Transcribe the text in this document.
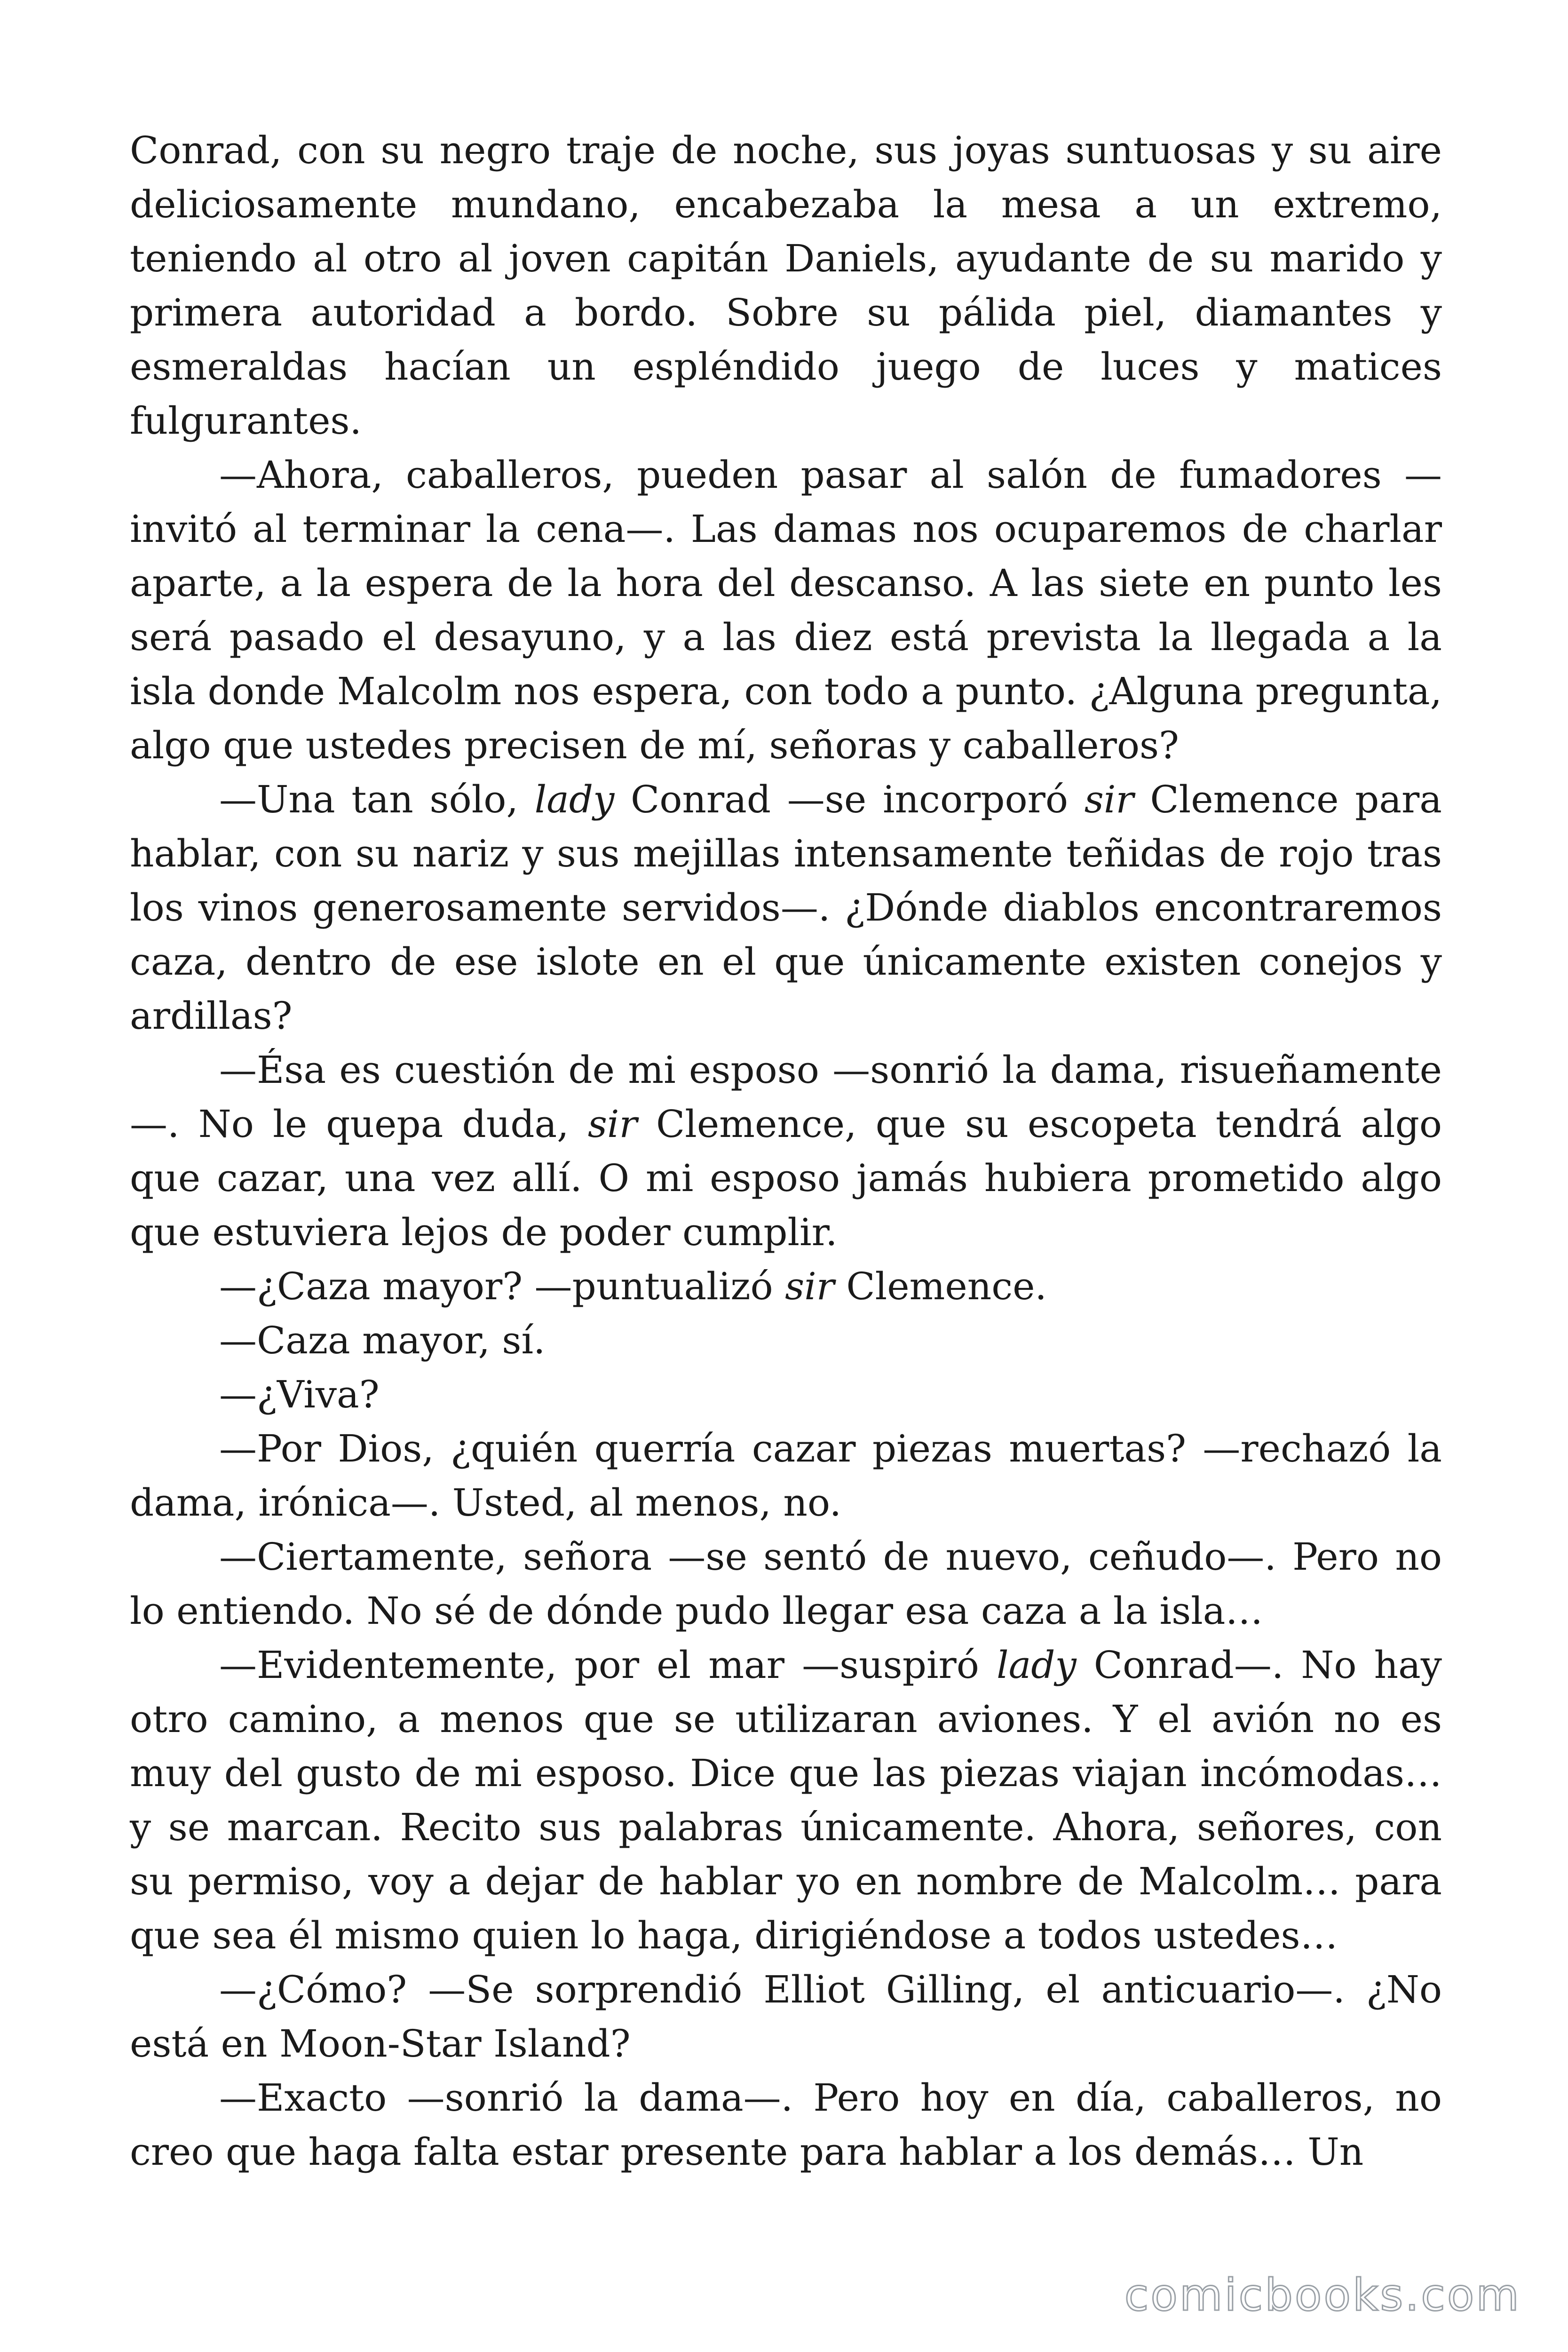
Conrad, con su negro traje de noche, sus joyas suntuosas y su aire deliciosamente mundano, encabezaba la mesa a un extremo, teniendo al otro al joven capitán Daniels, ayudante de su marido y primera autoridad a bordo. Sobre su pálida piel, diamantes y esmeraldas hacían un espléndido juego de luces y matices fulgurantes.

—Ahora, caballeros, pueden pasar al salón de fumadores —invitó al terminar la cena—. Las damas nos ocuparemos de charlar aparte, a la espera de la hora del descanso. A las siete en punto les será pasado el desayuno, y a las diez está prevista la llegada a la isla donde Malcolm nos espera, con todo a punto. ¿Alguna pregunta, algo que ustedes precisen de mí, señoras y caballeros?

—Una tan sólo, lady Conrad —se incorporó sir Clemence para hablar, con su nariz y sus mejillas intensamente teñidas de rojo tras los vinos generosamente servidos—. ¿Dónde diablos encontraremos caza, dentro de ese islote en el que únicamente existen conejos y ardillas?

—Ésa es cuestión de mi esposo —sonrió la dama, risueñamente —. No le quepa duda, sir Clemence, que su escopeta tendrá algo que cazar, una vez allí. O mi esposo jamás hubiera prometido algo que estuviera lejos de poder cumplir.

—¿Caza mayor? —puntualizó sir Clemence.

—Caza mayor, sí.

—¿Viva?

—Por Dios, ¿quién querría cazar piezas muertas? —rechazó la dama, irónica—. Usted, al menos, no.

—Ciertamente, señora —se sentó de nuevo, ceñudo—. Pero no lo entiendo. No sé de dónde pudo llegar esa caza a la isla…

—Evidentemente, por el mar —suspiró lady Conrad—. No hay otro camino, a menos que se utilizaran aviones. Y el avión no es muy del gusto de mi esposo. Dice que las piezas viajan incómodas… y se marcan. Recito sus palabras únicamente. Ahora, señores, con su permiso, voy a dejar de hablar yo en nombre de Malcolm… para que sea él mismo quien lo haga, dirigiéndose a todos ustedes…

—¿Cómo? —Se sorprendió Elliot Gilling, el anticuario—. ¿No está en Moon-Star Island?

—Exacto —sonrió la dama—. Pero hoy en día, caballeros, no creo que haga falta estar presente para hablar a los demás… Un

comicbooks.com
